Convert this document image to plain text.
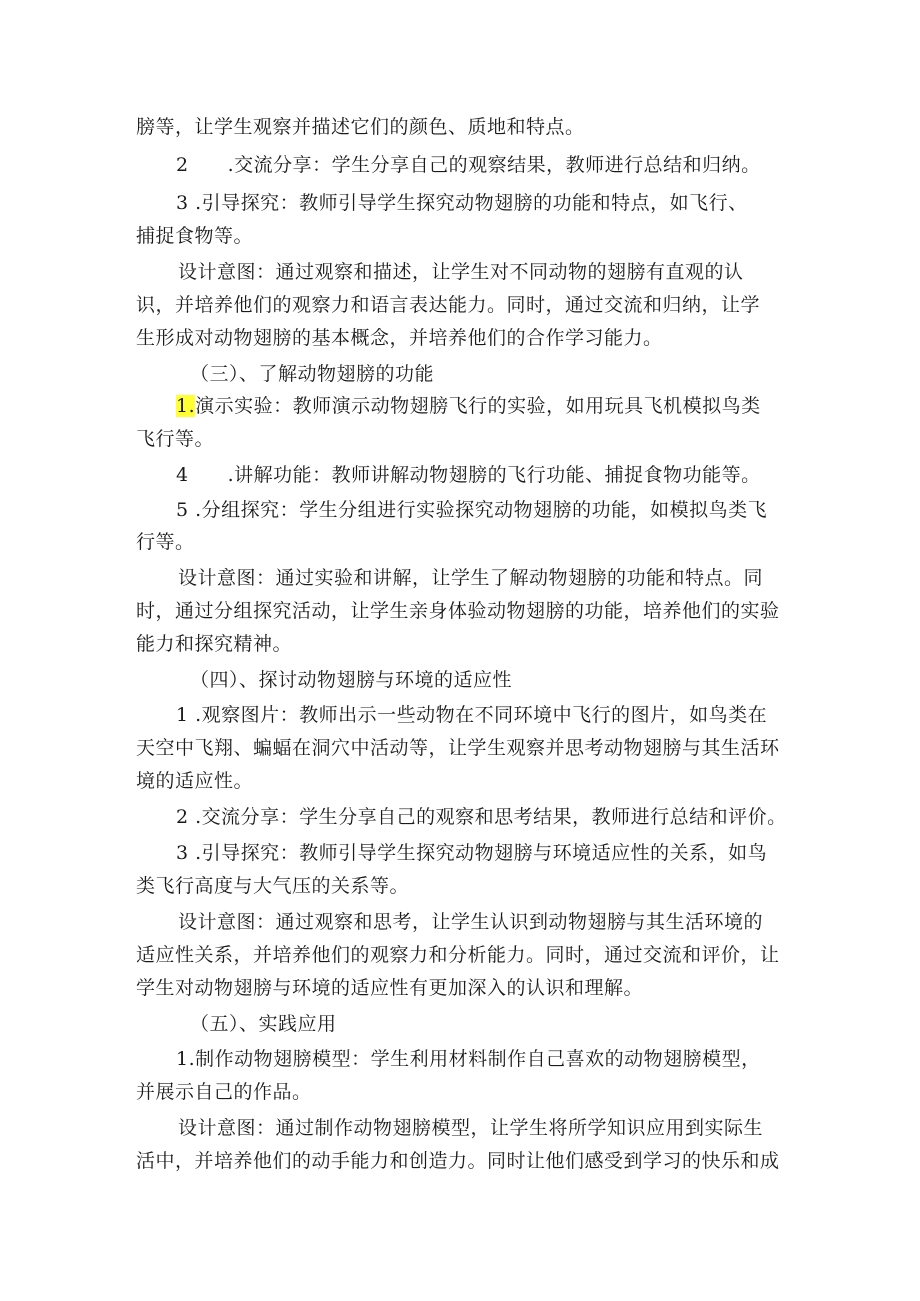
膀等，让学生观察并描述它们的颜色、质地和特点。
2　　.交流分享：学生分享自己的观察结果，教师进行总结和归纳。
3 .引导探究：教师引导学生探究动物翅膀的功能和特点，如飞行、
捕捉食物等。
设计意图：通过观察和描述，让学生对不同动物的翅膀有直观的认
识，并培养他们的观察力和语言表达能力。同时，通过交流和归纳，让学
生形成对动物翅膀的基本概念，并培养他们的合作学习能力。
（三）、了解动物翅膀的功能
1.演示实验：教师演示动物翅膀飞行的实验，如用玩具飞机模拟鸟类
飞行等。
4　　.讲解功能：教师讲解动物翅膀的飞行功能、捕捉食物功能等。
5 .分组探究：学生分组进行实验探究动物翅膀的功能，如模拟鸟类飞
行等。
设计意图：通过实验和讲解，让学生了解动物翅膀的功能和特点。同
时，通过分组探究活动，让学生亲身体验动物翅膀的功能，培养他们的实验
能力和探究精神。
（四）、探讨动物翅膀与环境的适应性
1 .观察图片：教师出示一些动物在不同环境中飞行的图片，如鸟类在
天空中飞翔、蝙蝠在洞穴中活动等，让学生观察并思考动物翅膀与其生活环
境的适应性。
2 .交流分享：学生分享自己的观察和思考结果，教师进行总结和评价。
3 .引导探究：教师引导学生探究动物翅膀与环境适应性的关系，如鸟
类飞行高度与大气压的关系等。
设计意图：通过观察和思考，让学生认识到动物翅膀与其生活环境的
适应性关系，并培养他们的观察力和分析能力。同时，通过交流和评价，让
学生对动物翅膀与环境的适应性有更加深入的认识和理解。
（五）、实践应用
1.制作动物翅膀模型：学生利用材料制作自己喜欢的动物翅膀模型，
并展示自己的作品。
设计意图：通过制作动物翅膀模型，让学生将所学知识应用到实际生
活中，并培养他们的动手能力和创造力。同时让他们感受到学习的快乐和成
